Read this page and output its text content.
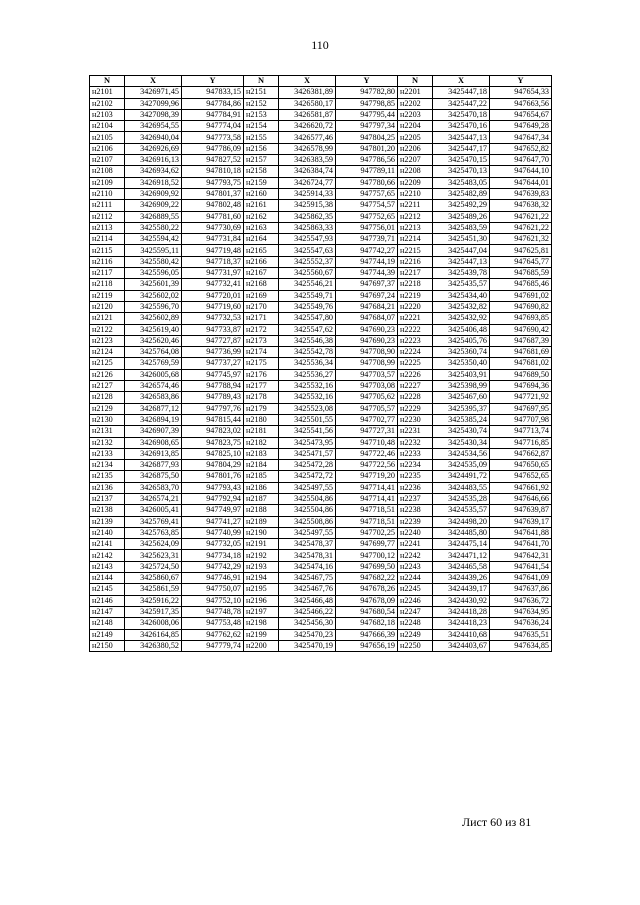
110
N	X	Y	N	X	Y	N	X	Y
н2101	3426971,45	947833,15	н2151	3426381,89	947782,80	н2201	3425447,18	947654,33
н2102	3427099,96	947784,86	н2152	3426580,17	947798,85	н2202	3425447,22	947663,56
н2103	3427098,39	947784,91	н2153	3426581,87	947795,44	н2203	3425470,18	947654,67
н2104	3426954,55	947774,04	н2154	3426620,72	947797,34	н2204	3425470,16	947649,28
н2105	3426940,04	947773,58	н2155	3426577,46	947804,25	н2205	3425447,13	947647,34
н2106	3426926,69	947786,09	н2156	3426578,99	947801,20	н2206	3425447,17	947652,82
н2107	3426916,13	947827,52	н2157	3426383,59	947786,56	н2207	3425470,15	947647,70
н2108	3426934,62	947810,18	н2158	3426384,74	947789,11	н2208	3425470,13	947644,10
н2109	3426918,52	947793,75	н2159	3426724,77	947780,66	н2209	3425483,05	947644,01
н2110	3426909,92	947801,37	н2160	3425914,33	947757,65	н2210	3425482,89	947639,83
н2111	3426909,22	947802,48	н2161	3425915,38	947754,57	н2211	3425492,29	947638,32
н2112	3426889,55	947781,60	н2162	3425862,35	947752,65	н2212	3425489,26	947621,22
н2113	3425580,22	947730,69	н2163	3425863,33	947756,01	н2213	3425483,59	947621,22
н2114	3425594,42	947731,84	н2164	3425547,93	947739,71	н2214	3425451,30	947621,32
н2115	3425595,11	947719,48	н2165	3425547,63	947742,27	н2215	3425447,04	947625,81
н2116	3425580,42	947718,37	н2166	3425552,37	947744,19	н2216	3425447,13	947645,77
н2117	3425596,05	947731,97	н2167	3425560,67	947744,39	н2217	3425439,78	947685,59
н2118	3425601,39	947732,41	н2168	3425546,21	947697,37	н2218	3425435,57	947685,46
н2119	3425602,02	947720,01	н2169	3425549,71	947697,24	н2219	3425434,40	947691,02
н2120	3425596,70	947719,60	н2170	3425549,76	947684,21	н2220	3425432,82	947690,82
н2121	3425602,89	947732,53	н2171	3425547,80	947684,07	н2221	3425432,92	947693,85
н2122	3425619,40	947733,87	н2172	3425547,62	947690,23	н2222	3425406,48	947690,42
н2123	3425620,46	947727,87	н2173	3425546,38	947690,23	н2223	3425405,76	947687,39
н2124	3425764,08	947736,99	н2174	3425542,78	947708,90	н2224	3425360,74	947681,69
н2125	3425769,59	947737,27	н2175	3425536,34	947708,99	н2225	3425350,40	947681,02
н2126	3426005,68	947745,97	н2176	3425536,27	947703,57	н2226	3425403,91	947689,50
н2127	3426574,46	947788,94	н2177	3425532,16	947703,08	н2227	3425398,99	947694,36
н2128	3426583,86	947789,43	н2178	3425532,16	947705,62	н2228	3425467,60	947721,92
н2129	3426877,12	947797,76	н2179	3425523,08	947705,57	н2229	3425395,37	947697,95
н2130	3426894,19	947815,44	н2180	3425501,55	947702,77	н2230	3425385,24	947707,98
н2131	3426907,39	947823,02	н2181	3425541,56	947727,31	н2231	3425430,74	947713,74
н2132	3426908,65	947823,75	н2182	3425473,95	947710,48	н2232	3425430,34	947716,85
н2133	3426913,85	947825,10	н2183	3425471,57	947722,46	н2233	3424534,56	947662,87
н2134	3426877,93	947804,29	н2184	3425472,28	947722,56	н2234	3424535,09	947650,65
н2135	3426875,50	947801,76	н2185	3425472,72	947719,20	н2235	3424491,72	947652,65
н2136	3426583,70	947793,43	н2186	3425497,55	947714,41	н2236	3424483,55	947661,92
н2137	3426574,21	947792,94	н2187	3425504,86	947714,41	н2237	3424535,28	947646,66
н2138	3426005,41	947749,97	н2188	3425504,86	947718,51	н2238	3424535,57	947639,87
н2139	3425769,41	947741,27	н2189	3425508,86	947718,51	н2239	3424498,20	947639,17
н2140	3425763,85	947740,99	н2190	3425497,55	947702,25	н2240	3424485,80	947641,88
н2141	3425624,09	947732,05	н2191	3425478,37	947699,77	н2241	3424475,14	947641,70
н2142	3425623,31	947734,18	н2192	3425478,31	947700,12	н2242	3424471,12	947642,31
н2143	3425724,50	947742,29	н2193	3425474,16	947699,50	н2243	3424465,58	947641,54
н2144	3425860,67	947746,91	н2194	3425467,75	947682,22	н2244	3424439,26	947641,09
н2145	3425861,59	947750,07	н2195	3425467,76	947678,26	н2245	3424439,17	947637,86
н2146	3425916,22	947752,10	н2196	3425466,48	947678,09	н2246	3424430,92	947636,72
н2147	3425917,35	947748,78	н2197	3425466,22	947680,54	н2247	3424418,28	947634,95
н2148	3426008,06	947753,48	н2198	3425456,30	947682,18	н2248	3424418,23	947636,24
н2149	3426164,85	947762,62	н2199	3425470,23	947666,39	н2249	3424410,68	947635,51
н2150	3426380,52	947779,74	н2200	3425470,19	947656,19	н2250	3424403,67	947634,85
Лист 60 из 81
